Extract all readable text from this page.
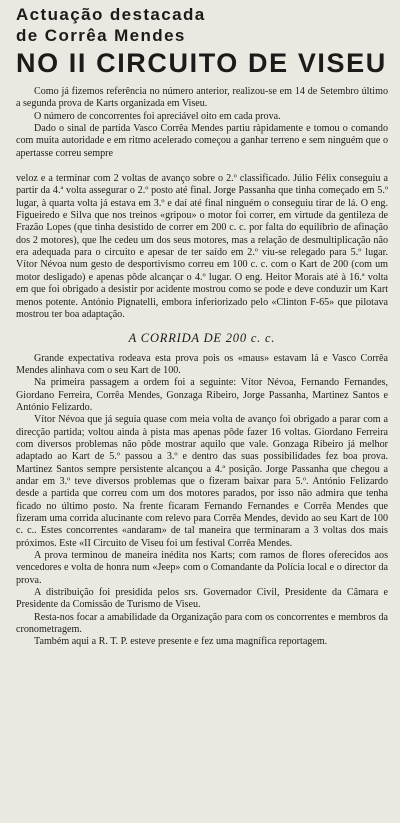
Actuação destacada
de Corrêa Mendes
NO II CIRCUITO DE VISEU

Como já fizemos referência no número anterior, realizou-se em 14 de Setembro último a segunda prova de Karts organizada em Viseu.

O número de concorrentes foi apreciável oito em cada prova.

Dado o sinal de partida Vasco Corrêa Mendes partiu ràpidamente e tomou o comando com muita autoridade e em ritmo acelerado começou a ganhar terreno e sem ninguém que o apertasse correu sempre

veloz e a terminar com 2 voltas de avanço sobre o 2.º classificado. Júlio Félix conseguiu a partir da 4.ª volta assegurar o 2.º posto até final. Jorge Passanha que tinha começado em 5.º lugar, à quarta volta já estava em 3.º e daí até final ninguém o conseguiu tirar de lá. O eng. Figueiredo e Silva que nos treinos «gripou» o motor foi correr, em virtude da gentileza de Frazão Lopes (que tinha desistido de correr em 200 c. c. por falta do equilíbrio de afinação dos 2 motores), que lhe cedeu um dos seus motores, mas a relação de desmultiplicação não era adequada para o circuito e apesar de ter saído em 2.º viu-se relegado para 5.º lugar. Vítor Névoa num gesto de desportivismo correu em 100 c. c. com o Kart de 200 (com um motor desligado) e apenas pôde alcançar o 4.º lugar. O eng. Heitor Morais até à 16.ª volta em que foi obrigado a desistir por acidente mostrou como se pode e deve conduzir um Kart menos potente. António Pignatelli, embora inferiorizado pelo «Clinton F-65» que pilotava mostrou ter boa adaptação.

A CORRIDA DE 200 c. c.

Grande expectativa rodeava esta prova pois os «maus» estavam lá e Vasco Corrêa Mendes alinhava com o seu Kart de 100.

Na primeira passagem a ordem foi a seguinte: Vítor Névoa, Fernando Fernandes, Giordano Ferreira, Corrêa Mendes, Gonzaga Ribeiro, Jorge Passanha, Martinez Santos e António Felizardo.

Vítor Névoa que já seguia quase com meia volta de avanço foi obrigado a parar com a direcção partida; voltou ainda à pista mas apenas pôde fazer 16 voltas. Giordano Ferreira com diversos problemas não pôde mostrar aquilo que vale. Gonzaga Ribeiro já melhor adaptado ao Kart de 5.º passou a 3.º e dentro das suas possibilidades fez boa prova. Martinez Santos sempre persistente alcançou a 4.ª posição. Jorge Passanha que chegou a andar em 3.º teve diversos problemas que o fizeram baixar para 5.º. António Felizardo desde a partida que correu com um dos motores parados, por isso não admira que tenha ficado no último posto. Na frente ficaram Fernando Fernandes e Corrêa Mendes que fizeram uma corrida alucinante com relevo para Corrêa Mendes, devido ao seu Kart de 100 c. c.. Estes concorrentes «andaram» de tal maneira que terminaram a 3 voltas dos mais próximos. Este «II Circuito de Viseu foi um festival Corrêa Mendes.

A prova terminou de maneira inédita nos Karts; com ramos de flores oferecidos aos vencedores e volta de honra num «Jeep» com o Comandante da Polícia local e o director da prova.

A distribuição foi presidida pelos srs. Governador Civil, Presidente da Câmara e Presidente da Comissão de Turismo de Viseu.

Resta-nos focar a amabilidade da Organização para com os concorrentes e membros da cronometragem.

Também aqui a R. T. P. esteve presente e fez uma magnífica reportagem.
